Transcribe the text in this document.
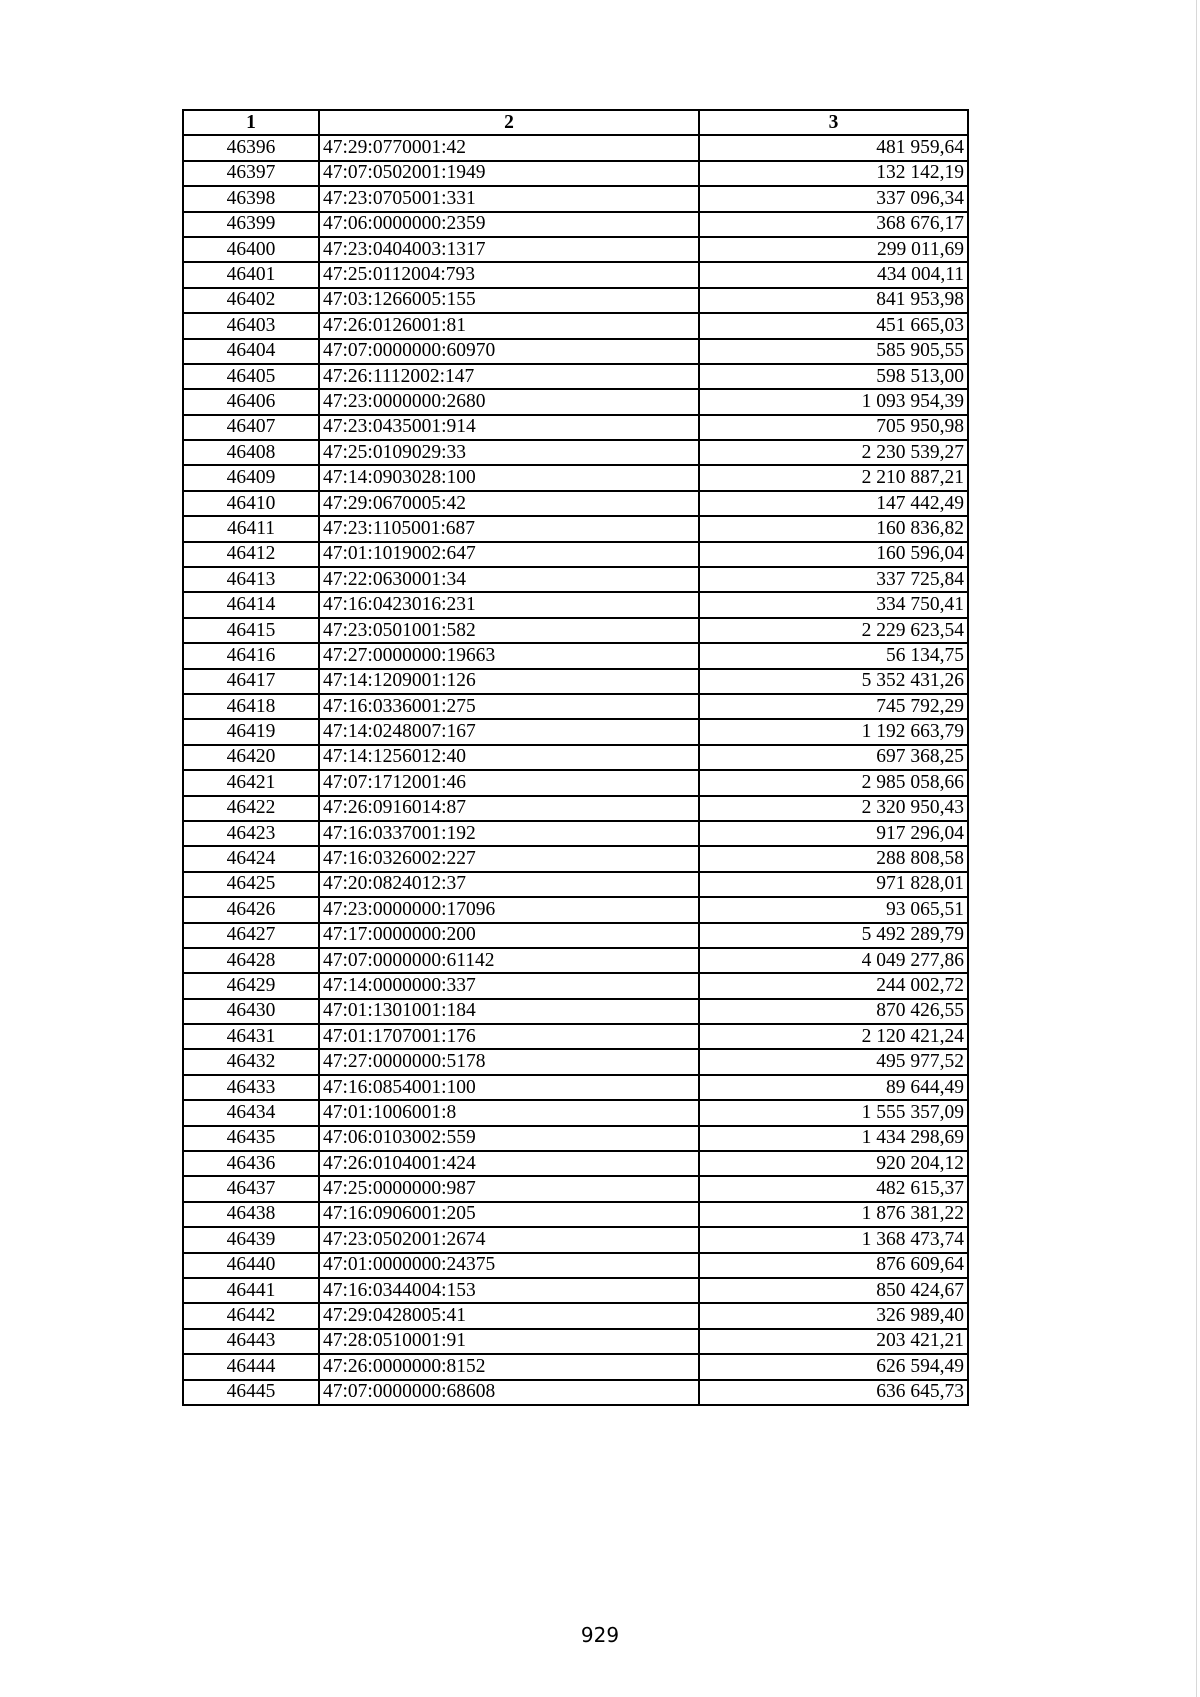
1	2	3
46396	47:29:0770001:42	481 959,64
46397	47:07:0502001:1949	132 142,19
46398	47:23:0705001:331	337 096,34
46399	47:06:0000000:2359	368 676,17
46400	47:23:0404003:1317	299 011,69
46401	47:25:0112004:793	434 004,11
46402	47:03:1266005:155	841 953,98
46403	47:26:0126001:81	451 665,03
46404	47:07:0000000:60970	585 905,55
46405	47:26:1112002:147	598 513,00
46406	47:23:0000000:2680	1 093 954,39
46407	47:23:0435001:914	705 950,98
46408	47:25:0109029:33	2 230 539,27
46409	47:14:0903028:100	2 210 887,21
46410	47:29:0670005:42	147 442,49
46411	47:23:1105001:687	160 836,82
46412	47:01:1019002:647	160 596,04
46413	47:22:0630001:34	337 725,84
46414	47:16:0423016:231	334 750,41
46415	47:23:0501001:582	2 229 623,54
46416	47:27:0000000:19663	56 134,75
46417	47:14:1209001:126	5 352 431,26
46418	47:16:0336001:275	745 792,29
46419	47:14:0248007:167	1 192 663,79
46420	47:14:1256012:40	697 368,25
46421	47:07:1712001:46	2 985 058,66
46422	47:26:0916014:87	2 320 950,43
46423	47:16:0337001:192	917 296,04
46424	47:16:0326002:227	288 808,58
46425	47:20:0824012:37	971 828,01
46426	47:23:0000000:17096	93 065,51
46427	47:17:0000000:200	5 492 289,79
46428	47:07:0000000:61142	4 049 277,86
46429	47:14:0000000:337	244 002,72
46430	47:01:1301001:184	870 426,55
46431	47:01:1707001:176	2 120 421,24
46432	47:27:0000000:5178	495 977,52
46433	47:16:0854001:100	89 644,49
46434	47:01:1006001:8	1 555 357,09
46435	47:06:0103002:559	1 434 298,69
46436	47:26:0104001:424	920 204,12
46437	47:25:0000000:987	482 615,37
46438	47:16:0906001:205	1 876 381,22
46439	47:23:0502001:2674	1 368 473,74
46440	47:01:0000000:24375	876 609,64
46441	47:16:0344004:153	850 424,67
46442	47:29:0428005:41	326 989,40
46443	47:28:0510001:91	203 421,21
46444	47:26:0000000:8152	626 594,49
46445	47:07:0000000:68608	636 645,73
929
